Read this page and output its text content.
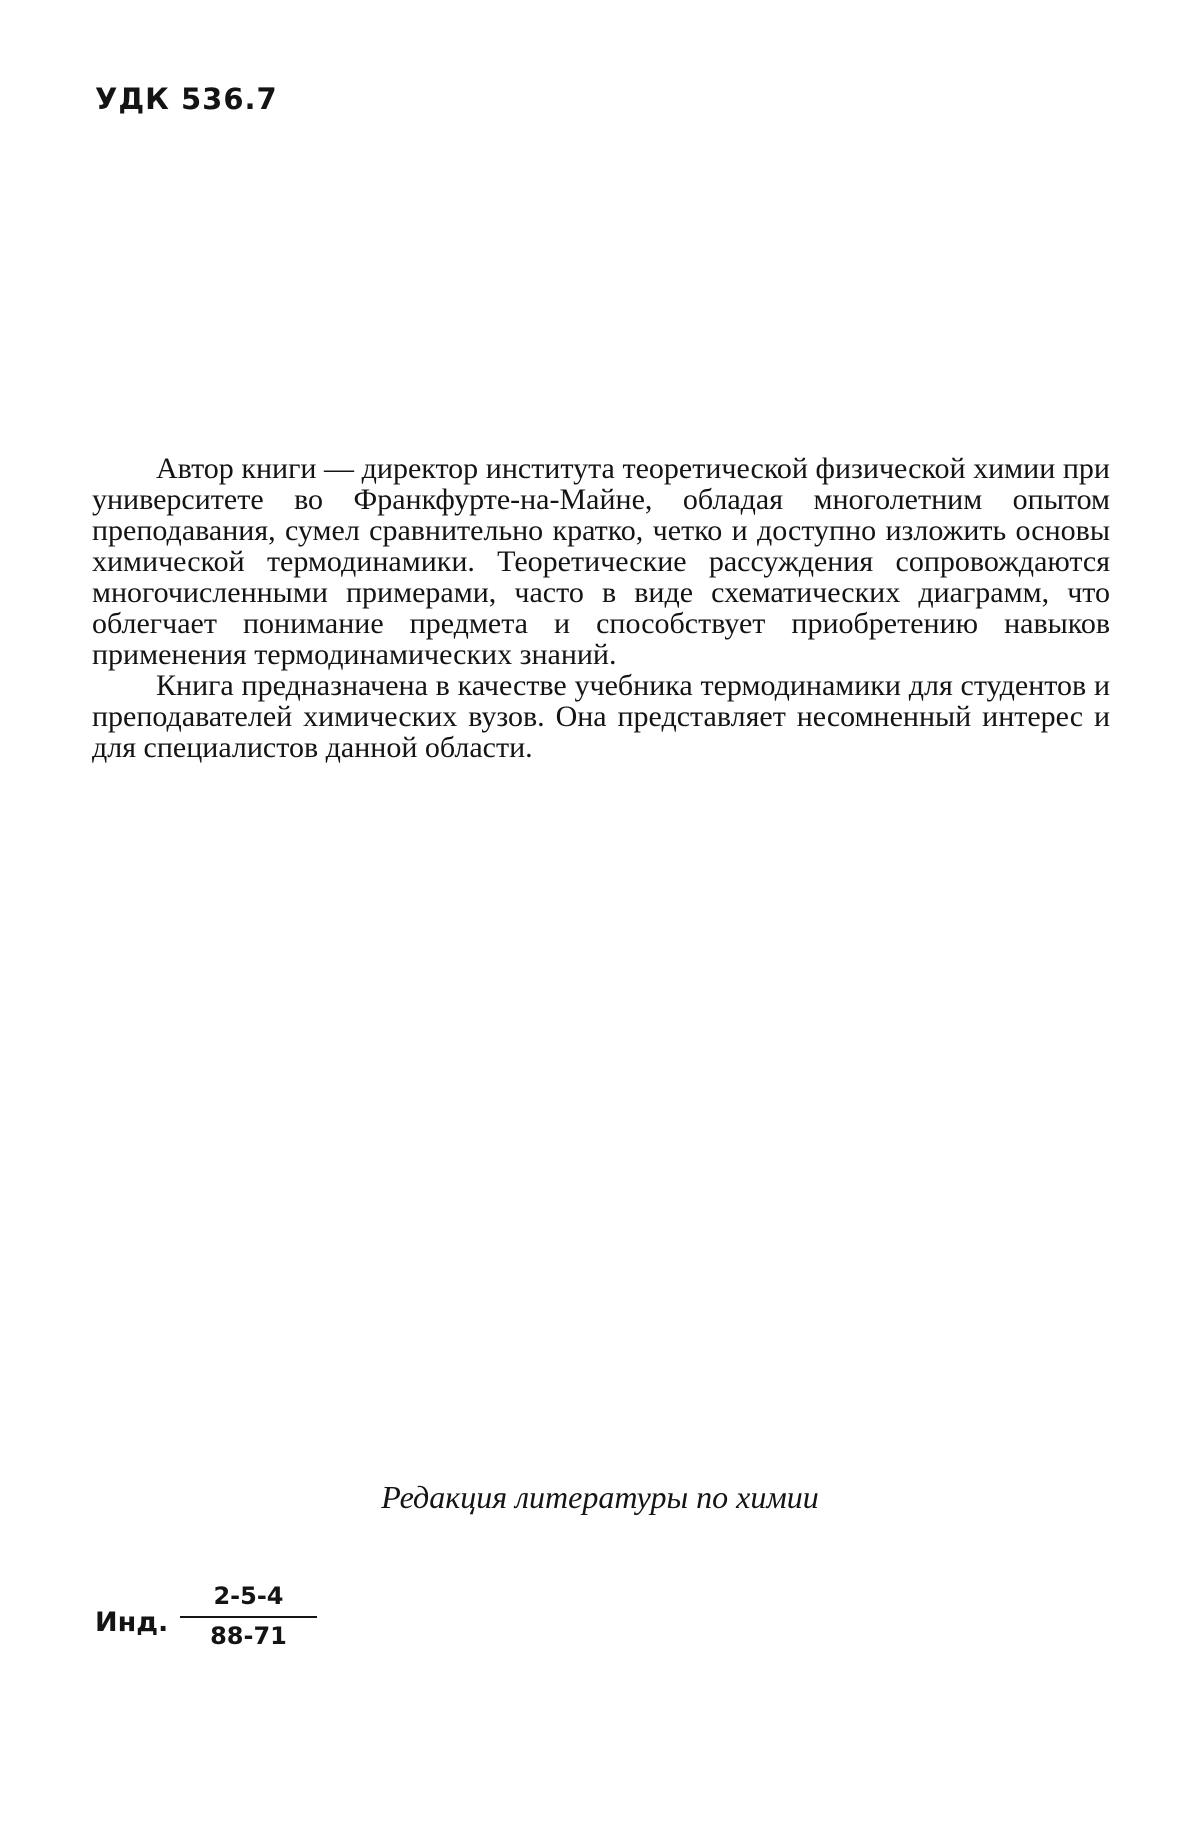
УДК 536.7

Автор книги — директор института теоретической физической химии при университете во Франкфурте-на-Майне, обладая многолетним опытом преподавания, сумел сравнительно кратко, четко и доступно изложить основы химической термодинамики. Теоретические рассуждения сопровождаются многочисленными примерами, часто в виде схематических диаграмм, что облегчает понимание предмета и способствует приобретению навыков применения термодинамических знаний.

Книга предназначена в качестве учебника термодинамики для студентов и преподавателей химических вузов. Она представляет несомненный интерес и для специалистов данной области.

Редакция литературы по химии
Инд.
2-5-4
88-71
